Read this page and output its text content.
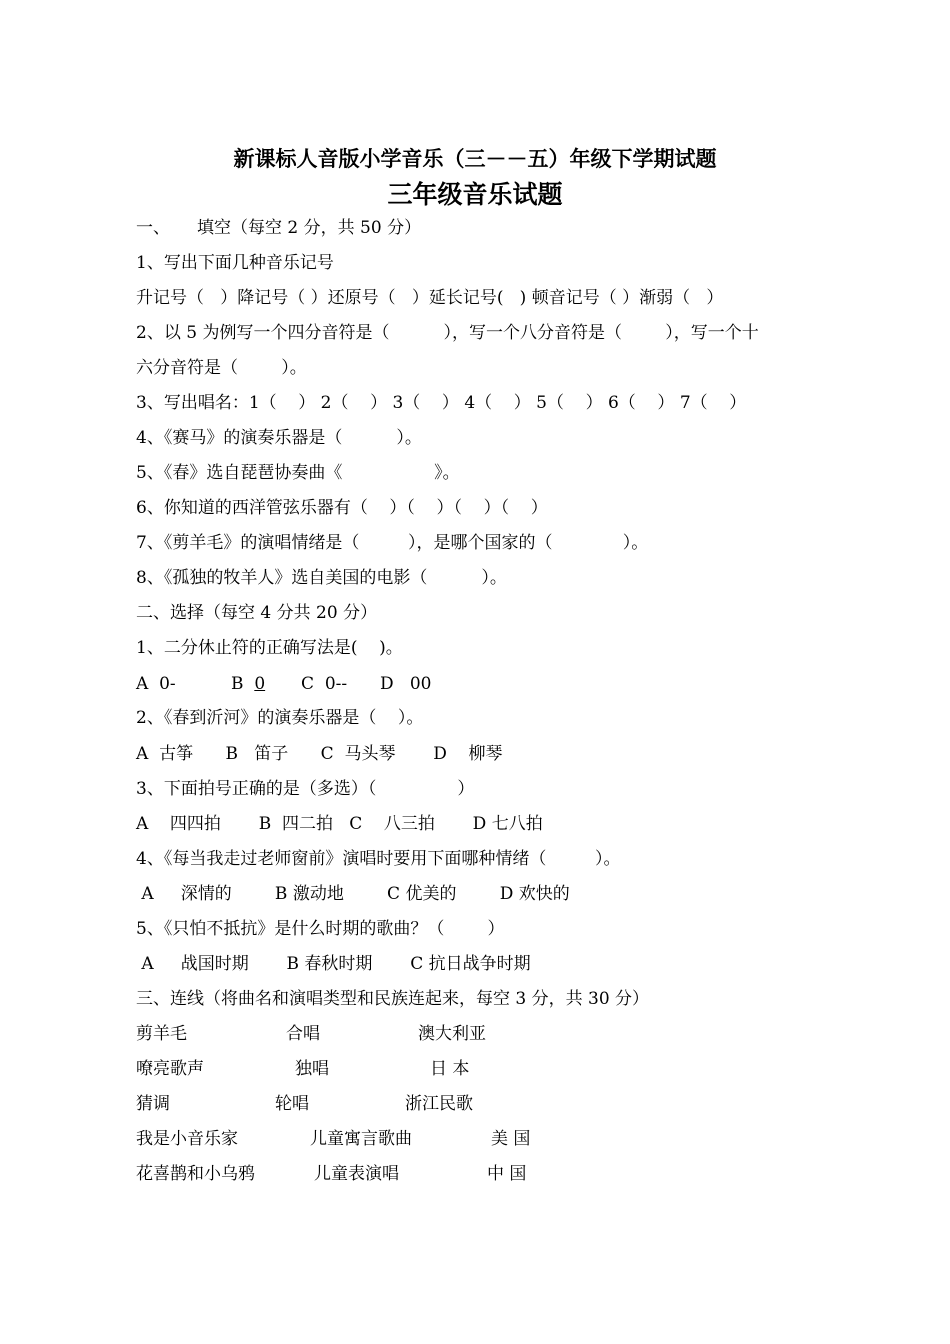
新课标人音版小学音乐（三－－五）年级下学期试题
三年级音乐试题
一、     填空（每空 2 分，共 50 分）
1、写出下面几种音乐记号
升记号（   ）降记号（ ）还原号（   ）延长记号(   ) 顿音记号（ ）渐弱（   ）
2、以 5 为例写一个四分音符是（          ），写一个八分音符是（        ），写一个十
六分音符是（        ）。
3、写出唱名：1（    ） 2（    ） 3（    ） 4（    ） 5（    ） 6（    ） 7（    ）
4、《赛马》的演奏乐器是（          ）。
5、《春》选自琵琶协奏曲《                 》。
6、你知道的西洋管弦乐器有（    ）（    ）（    ）（    ）
7、《剪羊毛》的演唱情绪是（         ），是哪个国家的（             ）。
8、《孤独的牧羊人》选自美国的电影（          ）。
二、选择（每空 4 分共 20 分）
1、二分休止符的正确写法是(    )。
A  0-	B  0 C  0-- D   00
2、《春到沂河》的演奏乐器是（    ）。
A  古筝      B   笛子      C  马头琴       D    柳琴
3、下面拍号正确的是（多选）（               ）
A    四四拍       B  四二拍   C    八三拍       D 七八拍
4、《每当我走过老师窗前》演唱时要用下面哪种情绪（         ）。
A     深情的        B 激动地        C 优美的        D 欢快的
5、《只怕不抵抗》是什么时期的歌曲？（        ）
A     战国时期       B 春秋时期       C 抗日战争时期
三、连线（将曲名和演唱类型和民族连起来，每空 3 分，共 30 分）
剪羊毛	合唱	澳大利亚
嘹亮歌声	独唱	日 本
猜调	轮唱	浙江民歌
我是小音乐家	儿童寓言歌曲	美 国
花喜鹊和小乌鸦	儿童表演唱	中 国
